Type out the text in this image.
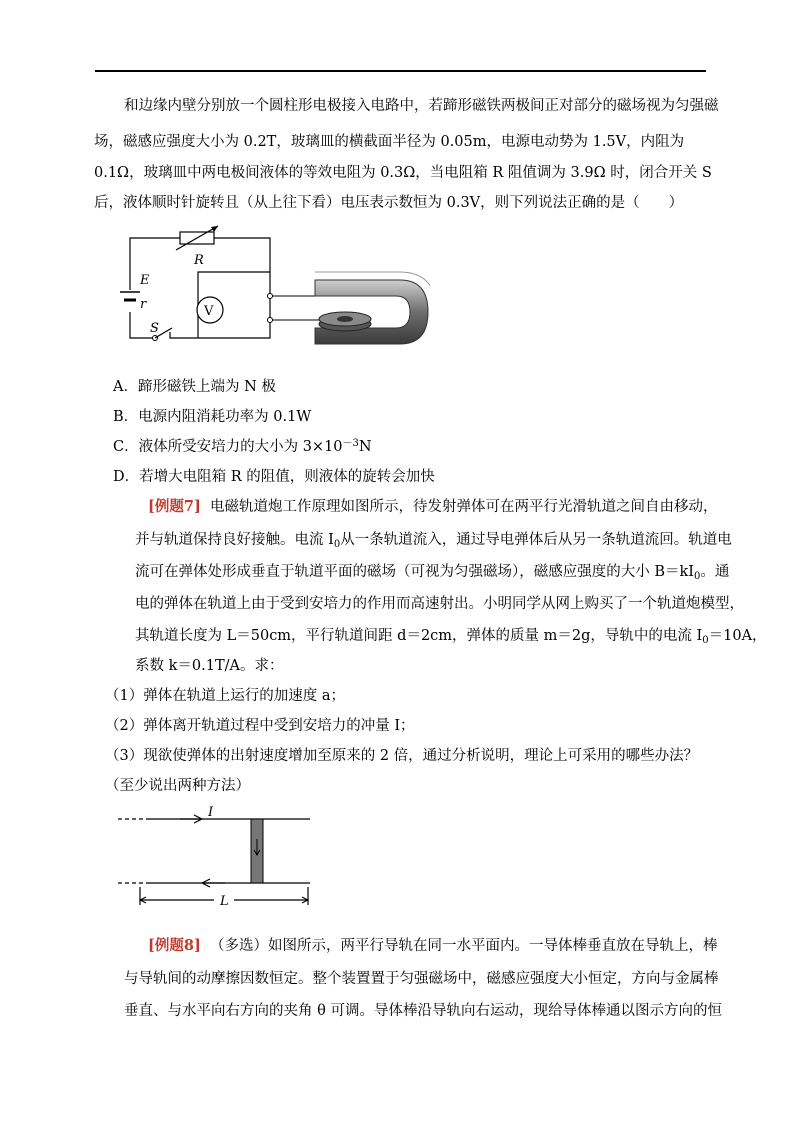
和边缘内壁分别放一个圆柱形电极接入电路中，若蹄形磁铁两极间正对部分的磁场视为匀强磁
场，磁感应强度大小为 0.2T，玻璃皿的横截面半径为 0.05m，电源电动势为 1.5V，内阻为
0.1Ω，玻璃皿中两电极间液体的等效电阻为 0.3Ω，当电阻箱 R 阻值调为 3.9Ω 时，闭合开关 S
后，液体顺时针旋转且（从上往下看）电压表示数恒为 0.3V，则下列说法正确的是（　　）
E
r
R
V
S
A．蹄形磁铁上端为 N 极
B．电源内阻消耗功率为 0.1W
C．液体所受安培力的大小为 $3\times 10^{-3}N$
D．若增大电阻箱 R 的阻值，则液体的旋转会加快
[例题7] 电磁轨道炮工作原理如图所示，待发射弹体可在两平行光滑轨道之间自由移动，
并与轨道保持良好接触。电流 $I_0$从一条轨道流入，通过导电弹体后从另一条轨道流回。轨道电
流可在弹体处形成垂直于轨道平面的磁场（可视为匀强磁场），磁感应强度的大小 $B=kI_0$。通
电的弹体在轨道上由于受到安培力的作用而高速射出。小明同学从网上购买了一个轨道炮模型，
其轨道长度为 L＝50cm，平行轨道间距 d＝2cm，弹体的质量 m＝2g，导轨中的电流 $I_0=10A$，
系数 k＝0.1T/A。求：
（1）弹体在轨道上运行的加速度 a；
（2）弹体离开轨道过程中受到安培力的冲量 I；
（3）现欲使弹体的出射速度增加至原来的 2 倍，通过分析说明，理论上可采用的哪些办法？
（至少说出两种方法）
I
L
[例题8] （多选）如图所示，两平行导轨在同一水平面内。一导体棒垂直放在导轨上，棒
与导轨间的动摩擦因数恒定。整个装置置于匀强磁场中，磁感应强度大小恒定，方向与金属棒
垂直、与水平向右方向的夹角 θ 可调。导体棒沿导轨向右运动，现给导体棒通以图示方向的恒
